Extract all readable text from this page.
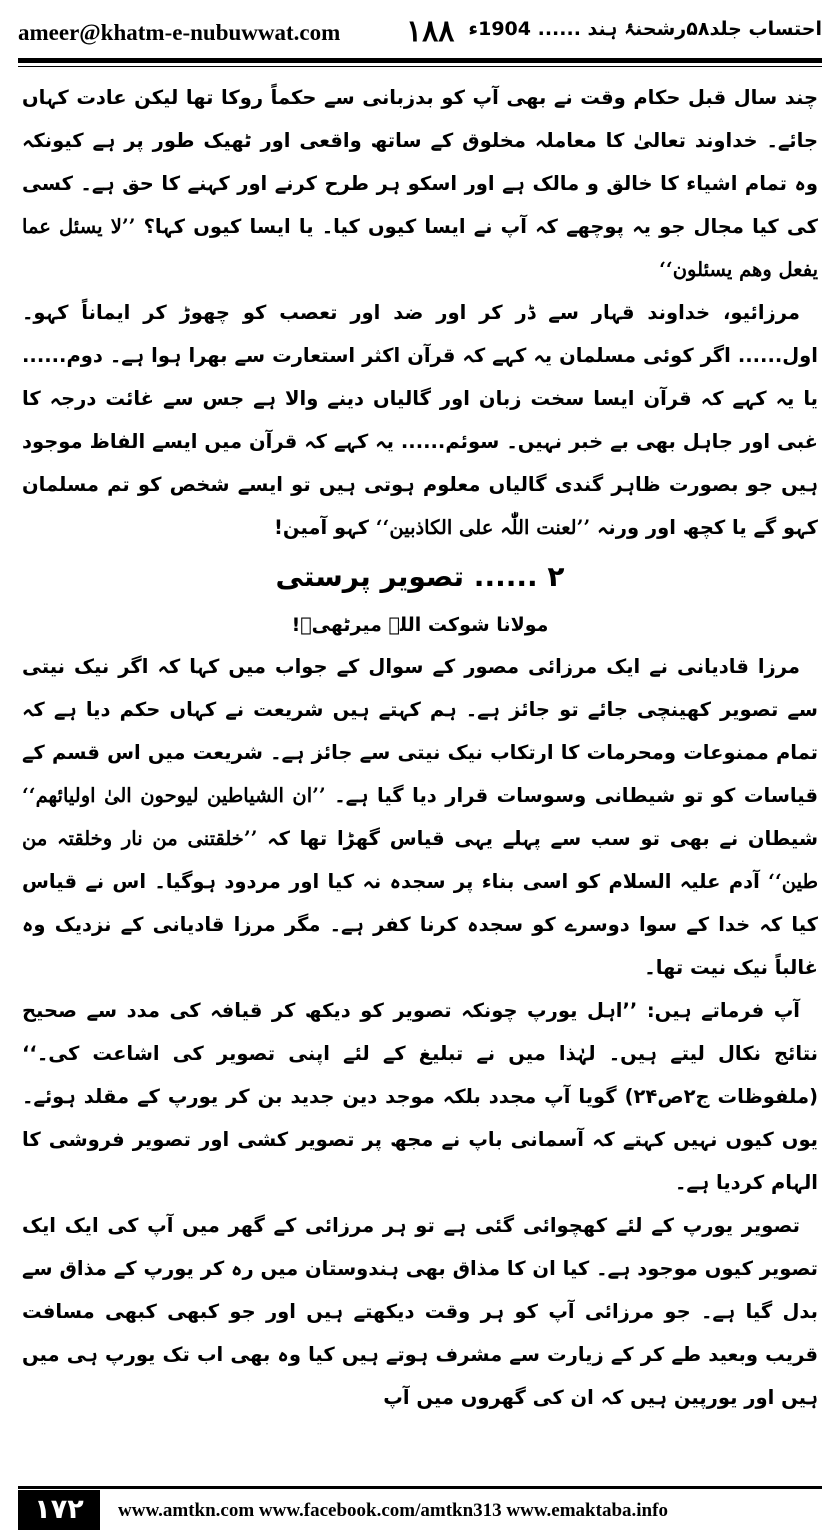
ameer@khatm-e-nubuwwat.com ۱۸۸	احتساب جلد۵۸رشحنۂ ہند ...... 1904ء

چند سال قبل حکام وقت نے بھی آپ کو بدزبانی سے حکماً روکا تھا لیکن عادت کہاں جائے۔ خداوند تعالیٰ کا معاملہ مخلوق کے ساتھ واقعی اور ٹھیک طور پر ہے کیونکہ وہ تمام اشیاء کا خالق و مالک ہے اور اسکو ہر طرح کرنے اور کہنے کا حق ہے۔ کسی کی کیا مجال جو یہ پوچھے کہ آپ نے ایسا کیوں کیا۔ یا ایسا کیوں کہا؟ ’’لا یسئل عما یفعل وھم یسئلون‘‘

مرزائیو، خداوند قہار سے ڈر کر اور ضد اور تعصب کو چھوڑ کر ایماناً کہو۔ اول...... اگر کوئی مسلمان یہ کہے کہ قرآن اکثر استعارت سے بھرا ہوا ہے۔ دوم...... یا یہ کہے کہ قرآن ایسا سخت زبان اور گالیاں دینے والا ہے جس سے غائت درجہ کا غبی اور جاہل بھی بے خبر نہیں۔ سوئم...... یہ کہے کہ قرآن میں ایسے الفاظ موجود ہیں جو بصورت ظاہر گندی گالیاں معلوم ہوتی ہیں تو ایسے شخص کو تم مسلمان کہو گے یا کچھ اور ورنہ ’’لعنت اللّٰہ علی الکاذبین‘‘ کہو آمین!

۲ ...... تصویر پرستی

مولانا شوکت اللہ میرٹھیؒ!

مرزا قادیانی نے ایک مرزائی مصور کے سوال کے جواب میں کہا کہ اگر نیک نیتی سے تصویر کھینچی جائے تو جائز ہے۔ ہم کہتے ہیں شریعت نے کہاں حکم دیا ہے کہ تمام ممنوعات ومحرمات کا ارتکاب نیک نیتی سے جائز ہے۔ شریعت میں اس قسم کے قیاسات کو تو شیطانی وسوسات قرار دیا گیا ہے۔ ’’ان الشیاطین لیوحون الیٰ اولیائھم‘‘ شیطان نے بھی تو سب سے پہلے یہی قیاس گھڑا تھا کہ ’’خلقتنی من نار وخلقتہ من طین‘‘ آدم علیہ السلام کو اسی بناء پر سجدہ نہ کیا اور مردود ہوگیا۔ اس نے قیاس کیا کہ خدا کے سوا دوسرے کو سجدہ کرنا کفر ہے۔ مگر مرزا قادیانی کے نزدیک وہ غالباً نیک نیت تھا۔

آپ فرماتے ہیں: ’’اہل یورپ چونکہ تصویر کو دیکھ کر قیافہ کی مدد سے صحیح نتائج نکال لیتے ہیں۔ لہٰذا میں نے تبلیغ کے لئے اپنی تصویر کی اشاعت کی۔‘‘ (ملفوظات ج۲ص۲۴) گویا آپ مجدد بلکہ موجد دین جدید بن کر یورپ کے مقلد ہوئے۔ یوں کیوں نہیں کہتے کہ آسمانی باپ نے مجھ پر تصویر کشی اور تصویر فروشی کا الہام کردیا ہے۔

تصویر یورپ کے لئے کھچوائی گئی ہے تو ہر مرزائی کے گھر میں آپ کی ایک ایک تصویر کیوں موجود ہے۔ کیا ان کا مذاق بھی ہندوستان میں رہ کر یورپ کے مذاق سے بدل گیا ہے۔ جو مرزائی آپ کو ہر وقت دیکھتے ہیں اور جو کبھی کبھی مسافت قریب وبعید طے کر کے زیارت سے مشرف ہوتے ہیں کیا وہ بھی اب تک یورپ ہی میں ہیں اور یورپین ہیں کہ ان کی گھروں میں آپ

۱۷۲	www.amtkn.com www.facebook.com/amtkn313 www.emaktaba.info
